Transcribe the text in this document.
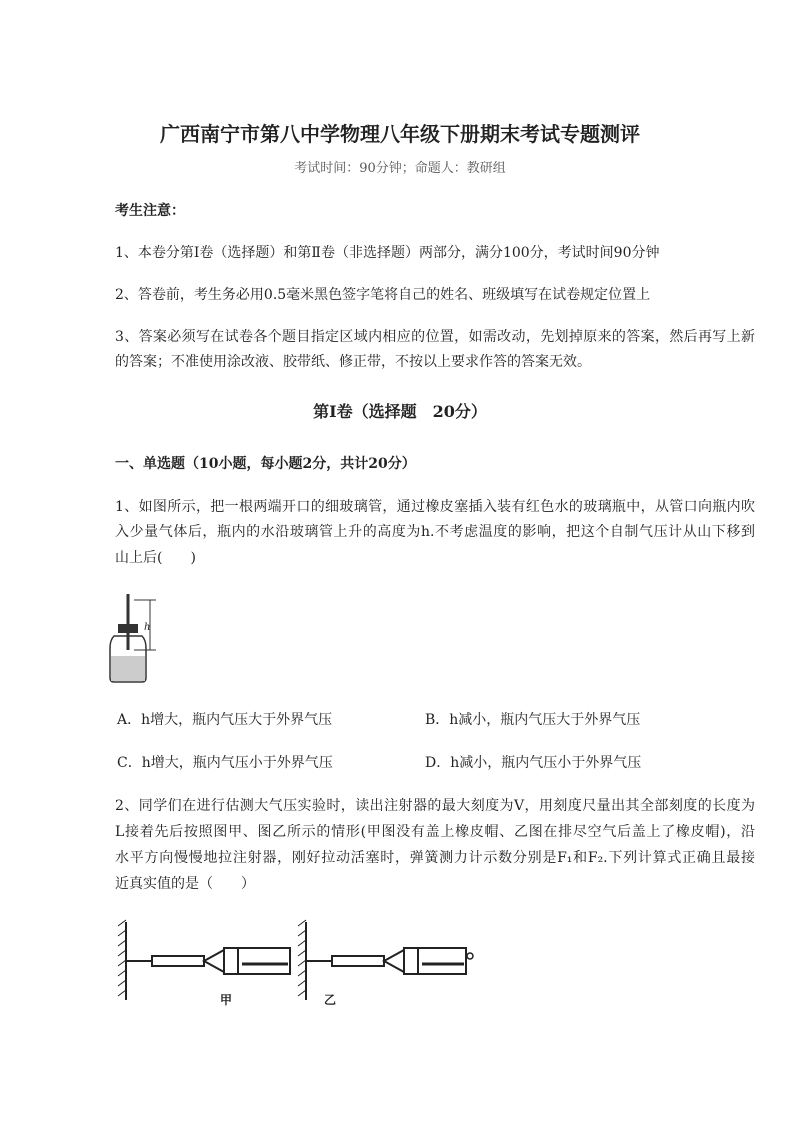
广西南宁市第八中学物理八年级下册期末考试专题测评
考试时间：90分钟；命题人：教研组
考生注意：
1、本卷分第Ⅰ卷（选择题）和第Ⅱ卷（非选择题）两部分，满分100分，考试时间90分钟
2、答卷前，考生务必用0.5毫米黑色签字笔将自己的姓名、班级填写在试卷规定位置上
3、答案必须写在试卷各个题目指定区域内相应的位置，如需改动，先划掉原来的答案，然后再写上新
的答案；不准使用涂改液、胶带纸、修正带，不按以上要求作答的答案无效。
第Ⅰ卷（选择题　20分）
一、单选题（10小题，每小题2分，共计20分）
1、如图所示，把一根两端开口的细玻璃管，通过橡皮塞插入装有红色水的玻璃瓶中，从管口向瓶内吹
入少量气体后，瓶内的水沿玻璃管上升的高度为h.不考虑温度的影响，把这个自制气压计从山下移到
山上后(　　)
h
A．h增大，瓶内气压大于外界气压	B．h减小，瓶内气压大于外界气压
C．h增大，瓶内气压小于外界气压	D．h减小，瓶内气压小于外界气压
2、同学们在进行估测大气压实验时，读出注射器的最大刻度为V，用刻度尺量出其全部刻度的长度为
L接着先后按照图甲、图乙所示的情形(甲图没有盖上橡皮帽、乙图在排尽空气后盖上了橡皮帽)，沿
水平方向慢慢地拉注射器，刚好拉动活塞时，弹簧测力计示数分别是F₁和F₂.下列计算式正确且最接
近真实值的是（　　）
甲	乙
